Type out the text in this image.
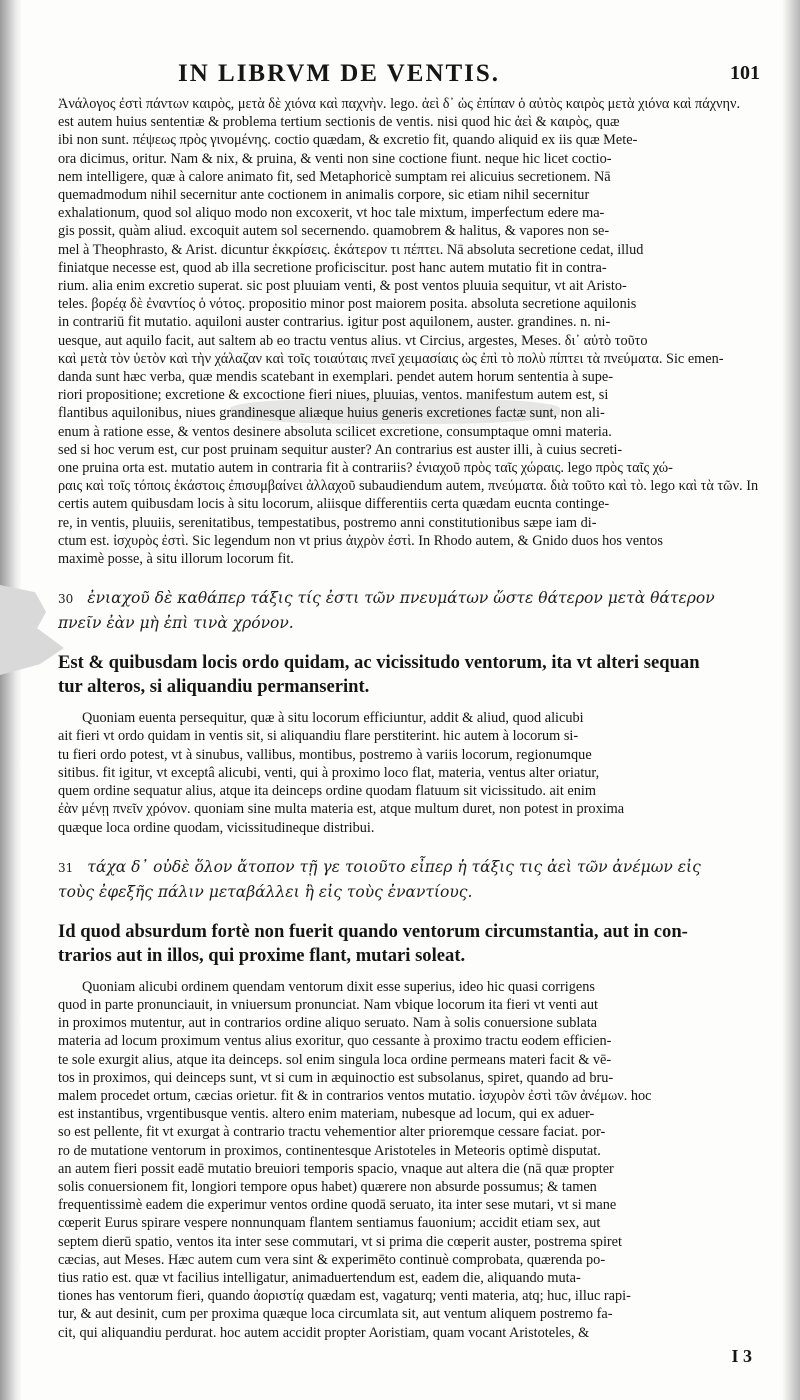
IN LIBRVM DE VENTIS.	101
Ἀνάλογος ἐστὶ πάντων καιρὸς, μετὰ δὲ χιόνα καὶ παχνὴν. lego. ἀεὶ δ᾽ ὡς ἐπίπαν ὁ αὐτὸς καιρὸς μετὰ χιόνα καὶ πάχνην.
est autem huius sententiæ & problema tertium sectionis de ventis. nisi quod hic ἀεὶ & καιρὸς, quæ
ibi non sunt. πέψεως πρὸς γινομένης. coctio quædam, & excretio fit, quando aliquid ex iis quæ Mete-
ora dicimus, oritur. Nam & nix, & pruina, & venti non sine coctione fiunt. neque hic licet coctio-
nem intelligere, quæ à calore animato fit, sed Metaphoricè sumptam rei alicuius secretionem. Nā
quemadmodum nihil secernitur ante coctionem in animalis corpore, sic etiam nihil secernitur
exhalationum, quod sol aliquo modo non excoxerit, vt hoc tale mixtum, imperfectum edere ma-
gis possit, quàm aliud. excoquit autem sol secernendo. quamobrem & halitus, & vapores non se-
mel à Theophrasto, & Arist. dicuntur ἐκκρίσεις. ἑκάτερον τι πέπτει. Nā absoluta secretione cedat, illud
finiatque necesse est, quod ab illa secretione proficiscitur. post hanc autem mutatio fit in contra-
rium. alia enim excretio superat. sic post pluuiam venti, & post ventos pluuia sequitur, vt ait Aristo-
teles. βορέᾳ δὲ ἐναντίος ὁ νότος. propositio minor post maiorem posita. absoluta secretione aquilonis
in contrariū fit mutatio. aquiloni auster contrarius. igitur post aquilonem, auster. grandines. n. ni-
uesque, aut aquilo facit, aut saltem ab eo tractu ventus alius. vt Circius, argestes, Meses. δι᾽ αὐτὸ τοῦτο
καὶ μετὰ τὸν ὑετὸν καὶ τὴν χάλαζαν καὶ τοῖς τοιαύταις πνεῖ χειμασίαις ὡς ἐπὶ τὸ πολὺ πίπτει τὰ πνεύματα. Sic emen-
danda sunt hæc verba, quæ mendis scatebant in exemplari. pendet autem horum sententia à supe-
riori propositione; excretione & excoctione fieri niues, pluuias, ventos. manifestum autem est, si
flantibus aquilonibus, niues grandinesque aliæque huius generis excretiones factæ sunt, non ali-
enum à ratione esse, & ventos desinere absoluta scilicet excretione, consumptaque omni materia.
sed si hoc verum est, cur post pruinam sequitur auster? An contrarius est auster illi, à cuius secreti-
one pruina orta est. mutatio autem in contraria fit à contrariis? ἐνιαχοῦ πρὸς ταῖς χώραις. lego πρὸς ταῖς χώ-
ραις καὶ τοῖς τόποις ἑκάστοις ἐπισυμβαίνει ἀλλαχοῦ subaudiendum autem, πνεύματα. διὰ τοῦτο καὶ τὸ. lego καὶ τὰ τῶν. In
certis autem quibusdam locis à situ locorum, aliisque differentiis certa quædam eucnta continge-
re, in ventis, pluuiis, serenitatibus, tempestatibus, postremo anni constitutionibus sæpe iam di-
ctum est. ἰσχυρὸς ἐστὶ. Sic legendum non vt prius ἀιχρὸν ἐστὶ. In Rhodo autem, & Gnido duos hos ventos
maximè posse, à situ illorum locorum fit.
30 ἐνιαχοῦ δὲ καθάπερ τάξις τίς ἐστι τῶν πνευμάτων ὥστε θάτερον μετὰ θάτερον
πνεῖν ἐὰν μὴ ἐπὶ τινὰ χρόνον.
Est & quibusdam locis ordo quidam, ac vicissitudo ventorum, ita vt alteri sequan
tur alteros, si aliquandiu permanserint.
Quoniam euenta persequitur, quæ à situ locorum efficiuntur, addit & aliud, quod alicubi
ait fieri vt ordo quidam in ventis sit, si aliquandiu flare perstiterint. hic autem à locorum si-
tu fieri ordo potest, vt à sinubus, vallibus, montibus, postremo à variis locorum, regionumque
sitibus. fit igitur, vt exceptâ alicubi, venti, qui à proximo loco flat, materia, ventus alter oriatur,
quem ordine sequatur alius, atque ita deinceps ordine quodam flatuum sit vicissitudo. ait enim
ἐὰν μένῃ πνεῖν χρόνον. quoniam sine multa materia est, atque multum duret, non potest in proxima
quæque loca ordine quodam, vicissitudineque distribui.
31 τάχα δ᾽ οὐδὲ ὅλον ἄτοπον τῇ γε τοιοῦτο εἶπερ ἡ τάξις τις ἀεὶ τῶν ἀνέμων εἰς
τοὺς ἐφεξῆς πάλιν μεταβάλλει ἢ εἰς τοὺς ἐναντίους.
Id quod absurdum fortè non fuerit quando ventorum circumstantia, aut in con-
trarios aut in illos, qui proxime flant, mutari soleat.
Quoniam alicubi ordinem quendam ventorum dixit esse superius, ideo hic quasi corrigens
quod in parte pronunciauit, in vniuersum pronunciat. Nam vbique locorum ita fieri vt venti aut
in proximos mutentur, aut in contrarios ordine aliquo seruato. Nam à solis conuersione sublata
materia ad locum proximum ventus alius exoritur, quo cessante à proximo tractu eodem efficien-
te sole exurgit alius, atque ita deinceps. sol enim singula loca ordine permeans materi facit & vē-
tos in proximos, qui deinceps sunt, vt si cum in æquinoctio est subsolanus, spiret, quando ad bru-
malem procedet ortum, cæcias orietur. fit & in contrarios ventos mutatio. ἰσχυρὸν ἐστὶ τῶν ἀνέμων. hoc
est instantibus, vrgentibusque ventis. altero enim materiam, nubesque ad locum, qui ex aduer-
so est pellente, fit vt exurgat à contrario tractu vehementior alter prioremque cessare faciat. por-
ro de mutatione ventorum in proximos, continentesque Aristoteles in Meteoris optimè disputat.
an autem fieri possit eadē mutatio breuiori temporis spacio, vnaque aut altera die (nā quæ propter
solis conuersionem fit, longiori tempore opus habet) quærere non absurde possumus; & tamen
frequentissimè eadem die experimur ventos ordine quodā seruato, ita inter sese mutari, vt si mane
cœperit Eurus spirare vespere nonnunquam flantem sentiamus fauonium; accidit etiam sex, aut
septem dierū spatio, ventos ita inter sese commutari, vt si prima die cœperit auster, postrema spiret
cæcias, aut Meses. Hæc autem cum vera sint & experimēto continuè comprobata, quærenda po-
tius ratio est. quæ vt facilius intelligatur, animaduertendum est, eadem die, aliquando muta-
tiones has ventorum fieri, quando ἀοριστίᾳ quædam est, vagaturq; venti materia, atq; huc, illuc rapi-
tur, & aut desinit, cum per proxima quæque loca circumlata sit, aut ventum aliquem postremo fa-
cit, qui aliquandiu perdurat. hoc autem accidit propter Aoristiam, quam vocant Aristoteles, &
I 3
